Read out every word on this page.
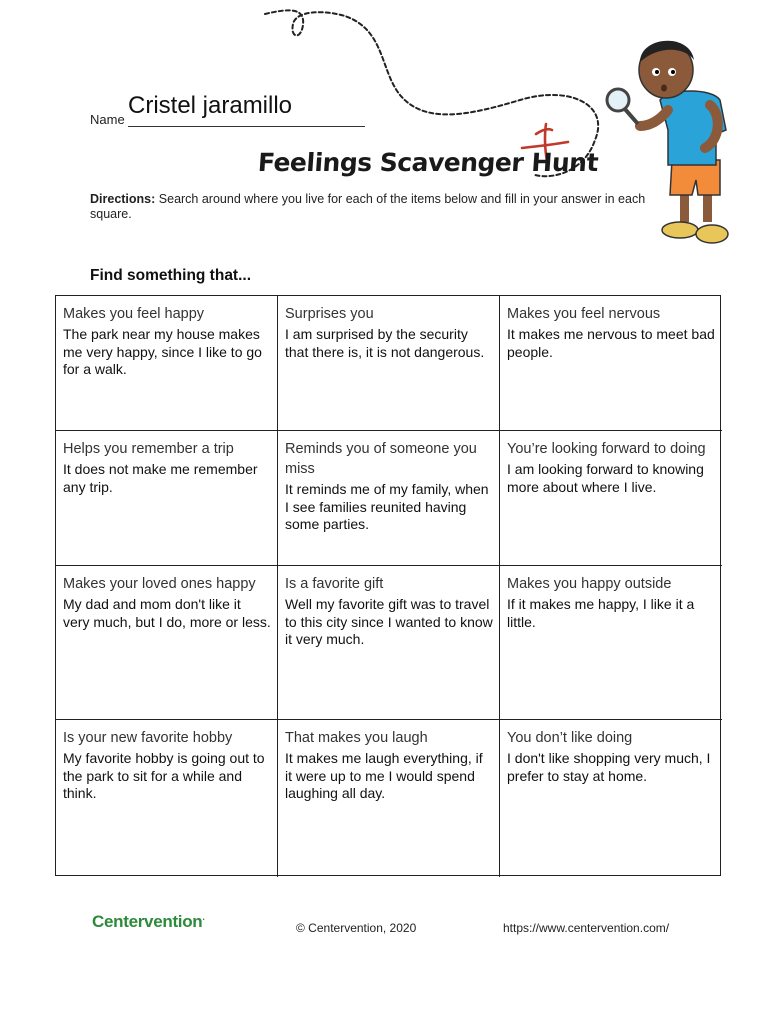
Name
Cristel jaramillo
Feelings Scavenger Hunt
Directions: Search around where you live for each of the items below and fill in your answer in each square.
Find something that...
Makes you feel happy
The park near my house makes me very happy, since I like to go for a walk.
Surprises you
I am surprised by the security that there is, it is not dangerous.
Makes you feel nervous
It makes me nervous to meet bad people.
Helps you remember a trip
It does not make me remember any trip.
Reminds you of someone you miss
It reminds me of my family, when I see families reunited having some parties.
You’re looking forward to doing
I am looking forward to knowing more about where I live.
Makes your loved ones happy
My dad and mom don't like it very much, but I do, more or less.
Is a favorite gift
Well my favorite gift was to travel to this city since I wanted to know it very much.
Makes you happy outside
If it makes me happy, I like it a little.
Is your new favorite hobby
My favorite hobby is going out to the park to sit for a while and think.
That makes you laugh
It makes me laugh everything, if it were up to me I would spend laughing all day.
You don’t like doing
I don't like shopping very much, I prefer to stay at home.
Centervention.
© Centervention, 2020	https://www.centervention.com/
